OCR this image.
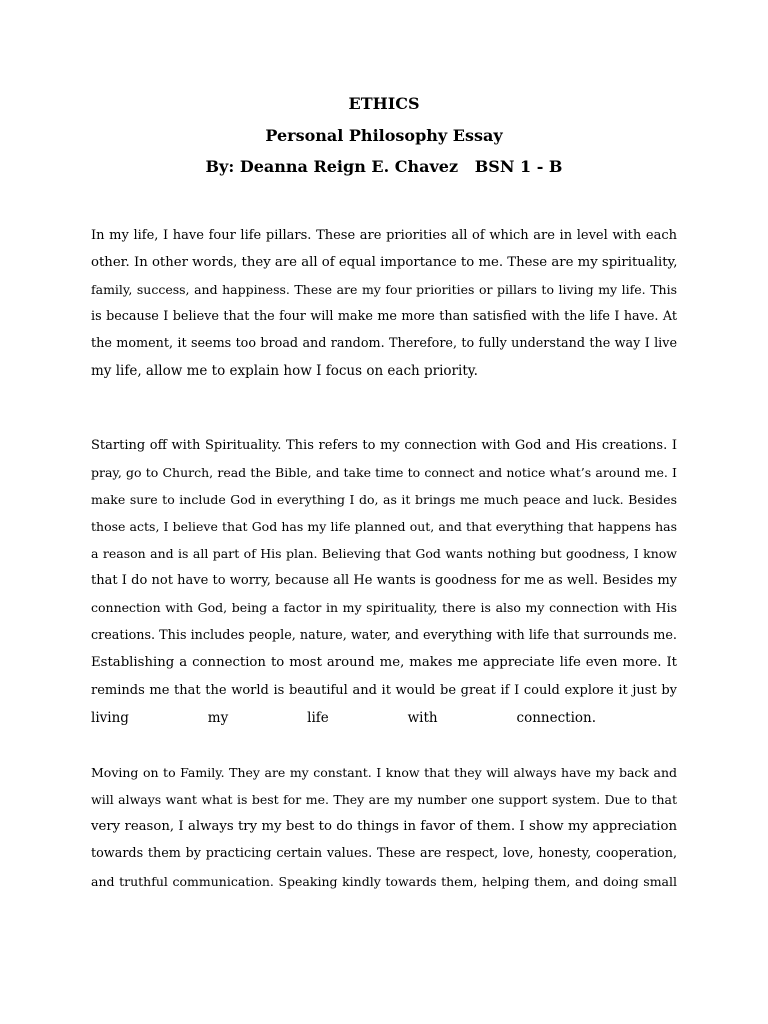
ETHICS
Personal Philosophy Essay
By: Deanna Reign E. Chavez   BSN 1 - B
In my life, I have four life pillars. These are priorities all of which are in level with each
other. In other words, they are all of equal importance to me. These are my spirituality,
family, success, and happiness. These are my four priorities or pillars to living my life. This
is because I believe that the four will make me more than satisfied with the life I have. At
the moment, it seems too broad and random. Therefore, to fully understand the way I live
my life, allow me to explain how I focus on each priority.
Starting off with Spirituality. This refers to my connection with God and His creations. I
pray, go to Church, read the Bible, and take time to connect and notice what’s around me. I
make sure to include God in everything I do, as it brings me much peace and luck. Besides
those acts, I believe that God has my life planned out, and that everything that happens has
a reason and is all part of His plan. Believing that God wants nothing but goodness, I know
that I do not have to worry, because all He wants is goodness for me as well. Besides my
connection with God, being a factor in my spirituality, there is also my connection with His
creations. This includes people, nature, water, and everything with life that surrounds me.
Establishing a connection to most around me, makes me appreciate life even more. It
reminds me that the world is beautiful and it would be great if I could explore it just by
living my life with connection.
Moving on to Family. They are my constant. I know that they will always have my back and
will always want what is best for me. They are my number one support system. Due to that
very reason, I always try my best to do things in favor of them. I show my appreciation
towards them by practicing certain values. These are respect, love, honesty, cooperation,
and truthful communication. Speaking kindly towards them, helping them, and doing small
